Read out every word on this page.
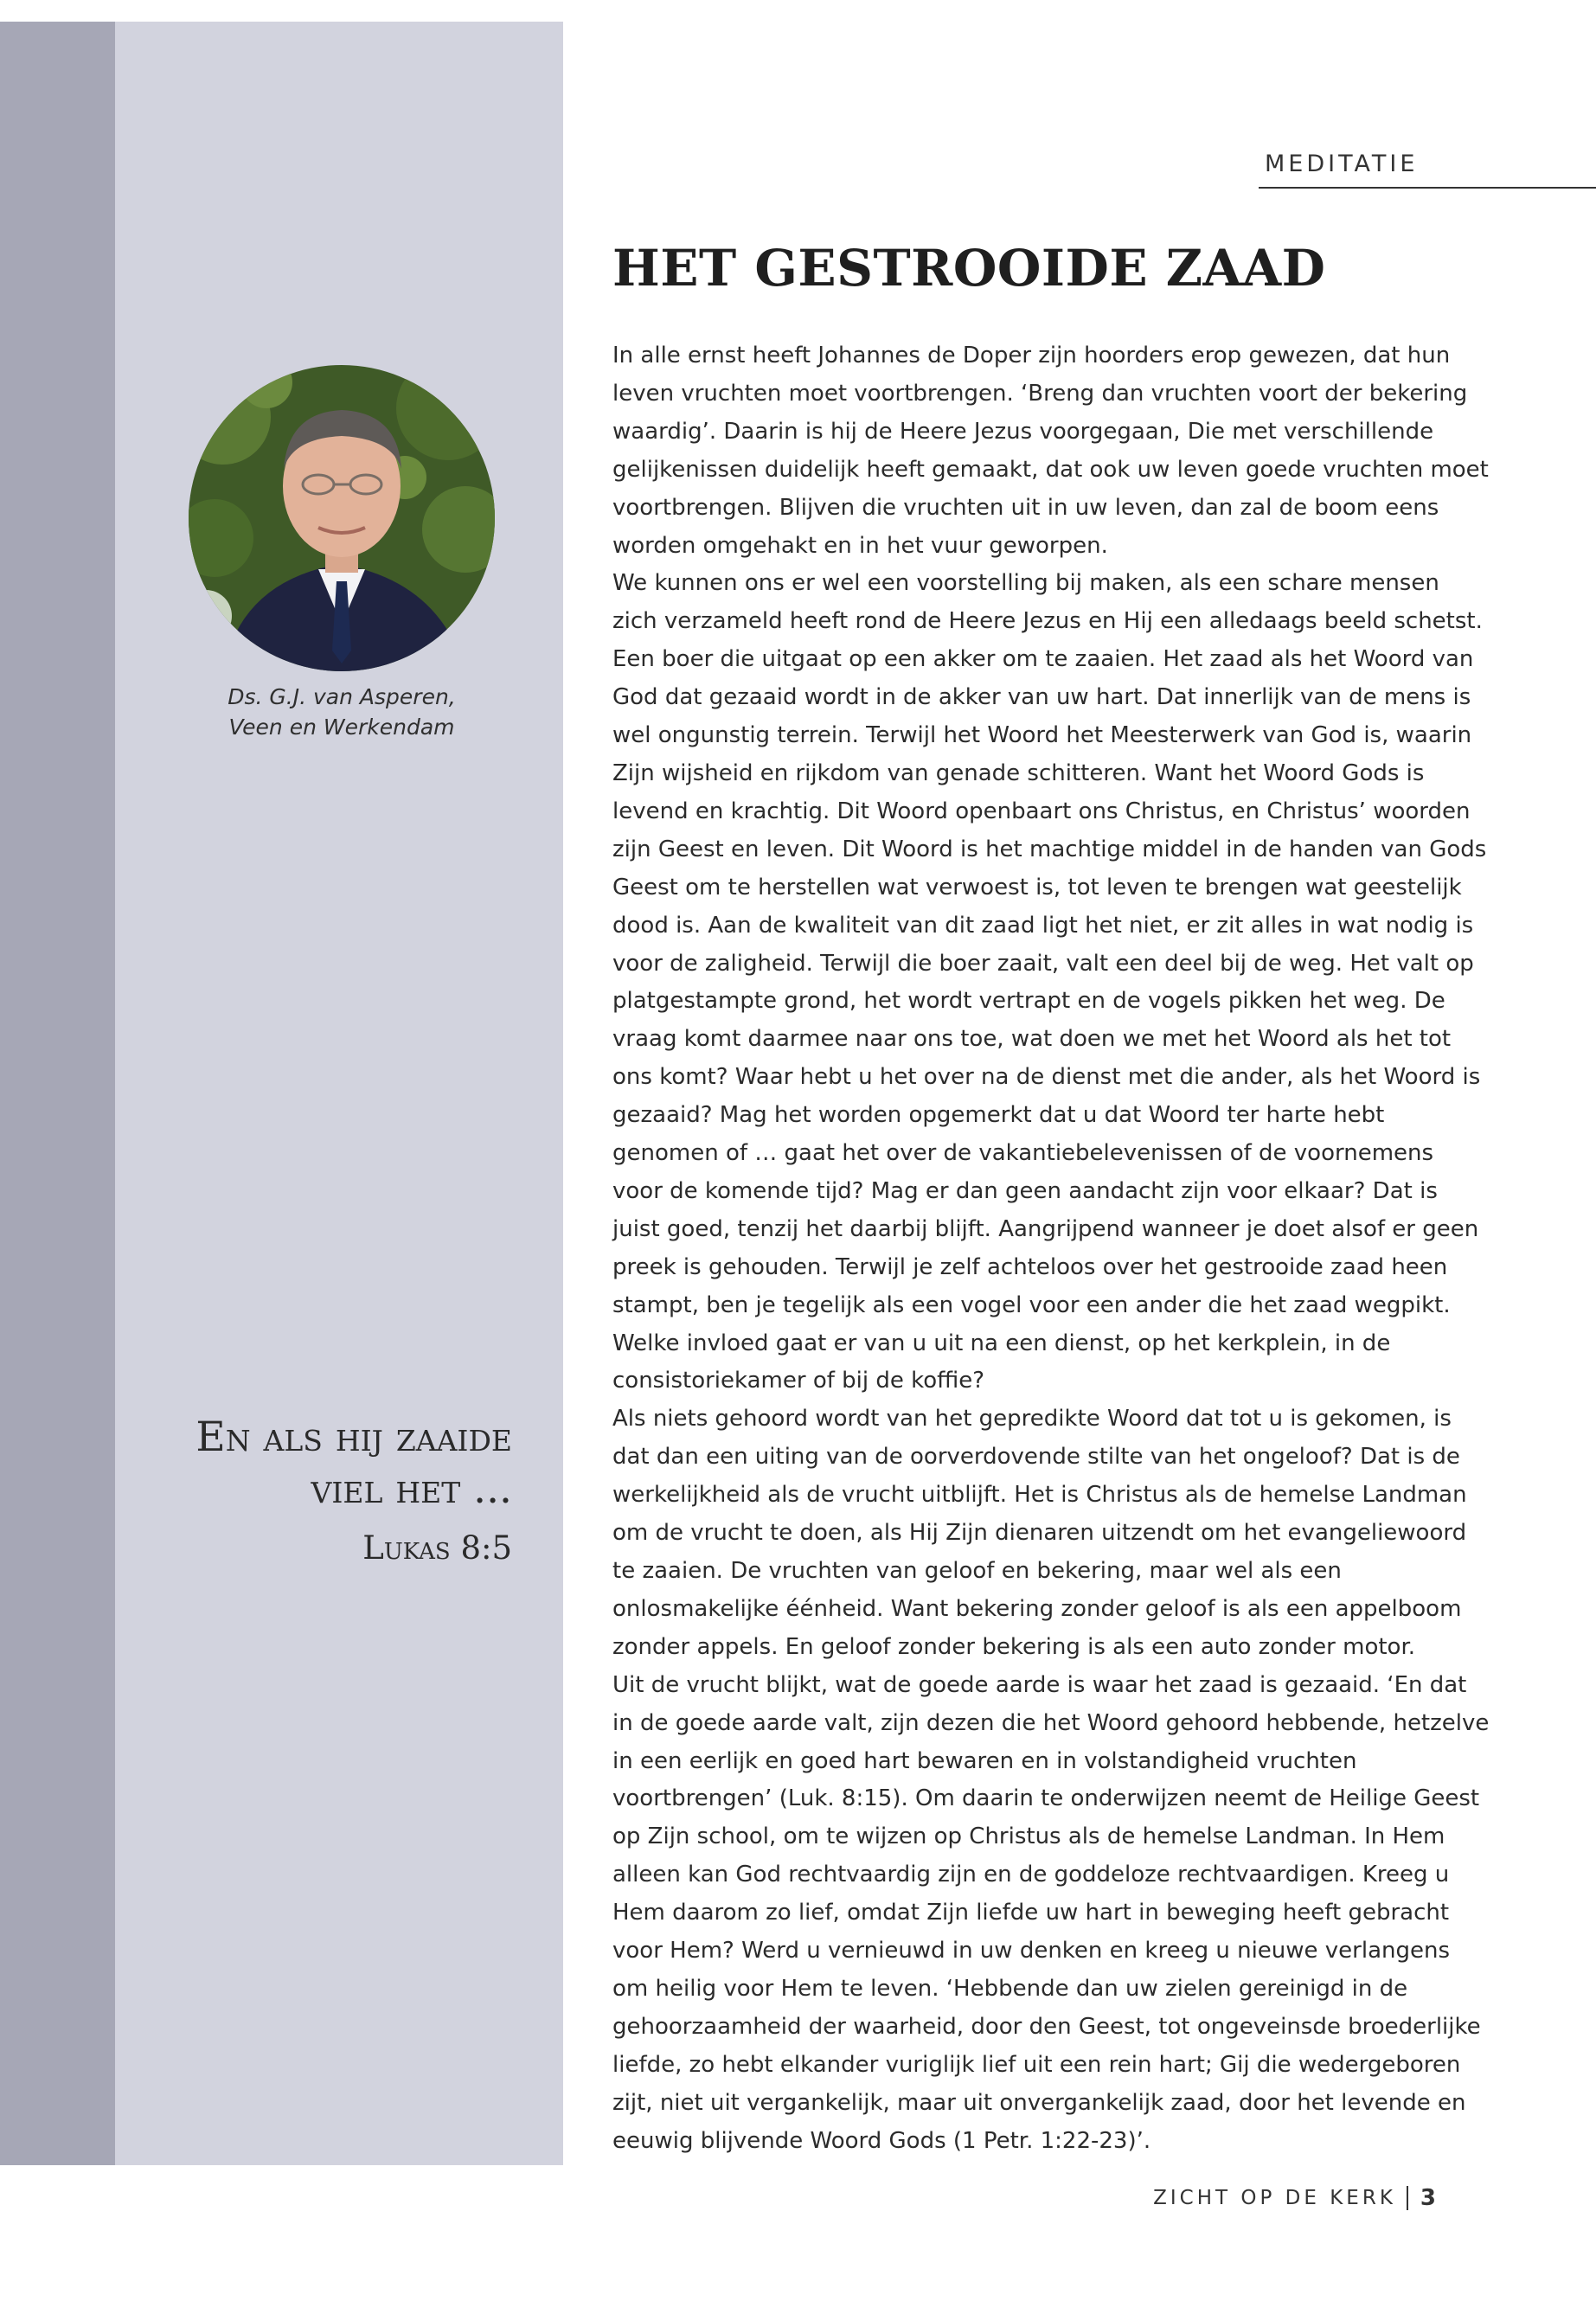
MEDITATIE
HET GESTROOIDE ZAAD
Ds. G.J. van Asperen,
Veen en Werkendam
En als hij zaaide
viel het ...
Lukas 8:5

In alle ernst heeft Johannes de Doper zijn hoorders erop gewezen, dat hun leven vruchten moet voortbrengen. ‘Breng dan vruchten voort der bekering waardig’. Daarin is hij de Heere Jezus voorgegaan, Die met verschillende gelijkenissen duidelijk heeft gemaakt, dat ook uw leven goede vruchten moet voortbrengen. Blijven die vruchten uit in uw leven, dan zal de boom eens worden omgehakt en in het vuur geworpen.

We kunnen ons er wel een voorstelling bij maken, als een schare mensen zich verzameld heeft rond de Heere Jezus en Hij een alledaags beeld schetst. Een boer die uitgaat op een akker om te zaaien. Het zaad als het Woord van God dat gezaaid wordt in de akker van uw hart. Dat innerlijk van de mens is wel ongunstig terrein. Terwijl het Woord het Meesterwerk van God is, waarin Zijn wijsheid en rijkdom van genade schitteren. Want het Woord Gods is levend en krachtig. Dit Woord openbaart ons Christus, en Christus’ woorden zijn Geest en leven. Dit Woord is het machtige middel in de handen van Gods Geest om te herstellen wat verwoest is, tot leven te brengen wat geestelijk dood is. Aan de kwaliteit van dit zaad ligt het niet, er zit alles in wat nodig is voor de zaligheid. Terwijl die boer zaait, valt een deel bij de weg. Het valt op platgestampte grond, het wordt vertrapt en de vogels pikken het weg. De vraag komt daarmee naar ons toe, wat doen we met het Woord als het tot ons komt? Waar hebt u het over na de dienst met die ander, als het Woord is gezaaid? Mag het worden opgemerkt dat u dat Woord ter harte hebt genomen of … gaat het over de vakantiebelevenissen of de voornemens voor de komende tijd? Mag er dan geen aandacht zijn voor elkaar? Dat is juist goed, tenzij het daarbij blijft. Aangrijpend wanneer je doet alsof er geen preek is gehouden. Terwijl je zelf achteloos over het gestrooide zaad heen stampt, ben je tegelijk als een vogel voor een ander die het zaad wegpikt. Welke invloed gaat er van u uit na een dienst, op het kerkplein, in de consistoriekamer of bij de koffie?

Als niets gehoord wordt van het gepredikte Woord dat tot u is gekomen, is dat dan een uiting van de oorverdovende stilte van het ongeloof? Dat is de werkelijkheid als de vrucht uitblijft. Het is Christus als de hemelse Landman om de vrucht te doen, als Hij Zijn dienaren uitzendt om het evangeliewoord te zaaien. De vruchten van geloof en bekering, maar wel als een onlosmakelijke éénheid. Want bekering zonder geloof is als een appelboom zonder appels. En geloof zonder bekering is als een auto zonder motor.

Uit de vrucht blijkt, wat de goede aarde is waar het zaad is gezaaid. ‘En dat in de goede aarde valt, zijn dezen die het Woord gehoord hebbende, hetzelve in een eerlijk en goed hart bewaren en in volstandigheid vruchten voortbrengen’ (Luk. 8:15). Om daarin te onderwijzen neemt de Heilige Geest op Zijn school, om te wijzen op Christus als de hemelse Landman. In Hem alleen kan God rechtvaardig zijn en de goddeloze rechtvaardigen. Kreeg u Hem daarom zo lief, omdat Zijn liefde uw hart in beweging heeft gebracht voor Hem? Werd u vernieuwd in uw denken en kreeg u nieuwe verlangens om heilig voor Hem te leven. ‘Hebbende dan uw zielen gereinigd in de gehoorzaamheid der waarheid, door den Geest, tot ongeveinsde broederlijke liefde, zo hebt elkander vuriglijk lief uit een rein hart; Gij die wedergeboren zijt, niet uit vergankelijk, maar uit onvergankelijk zaad, door het levende en eeuwig blijvende Woord Gods (1 Petr. 1:22-23)’.

ZICHT OP DE KERK 3
